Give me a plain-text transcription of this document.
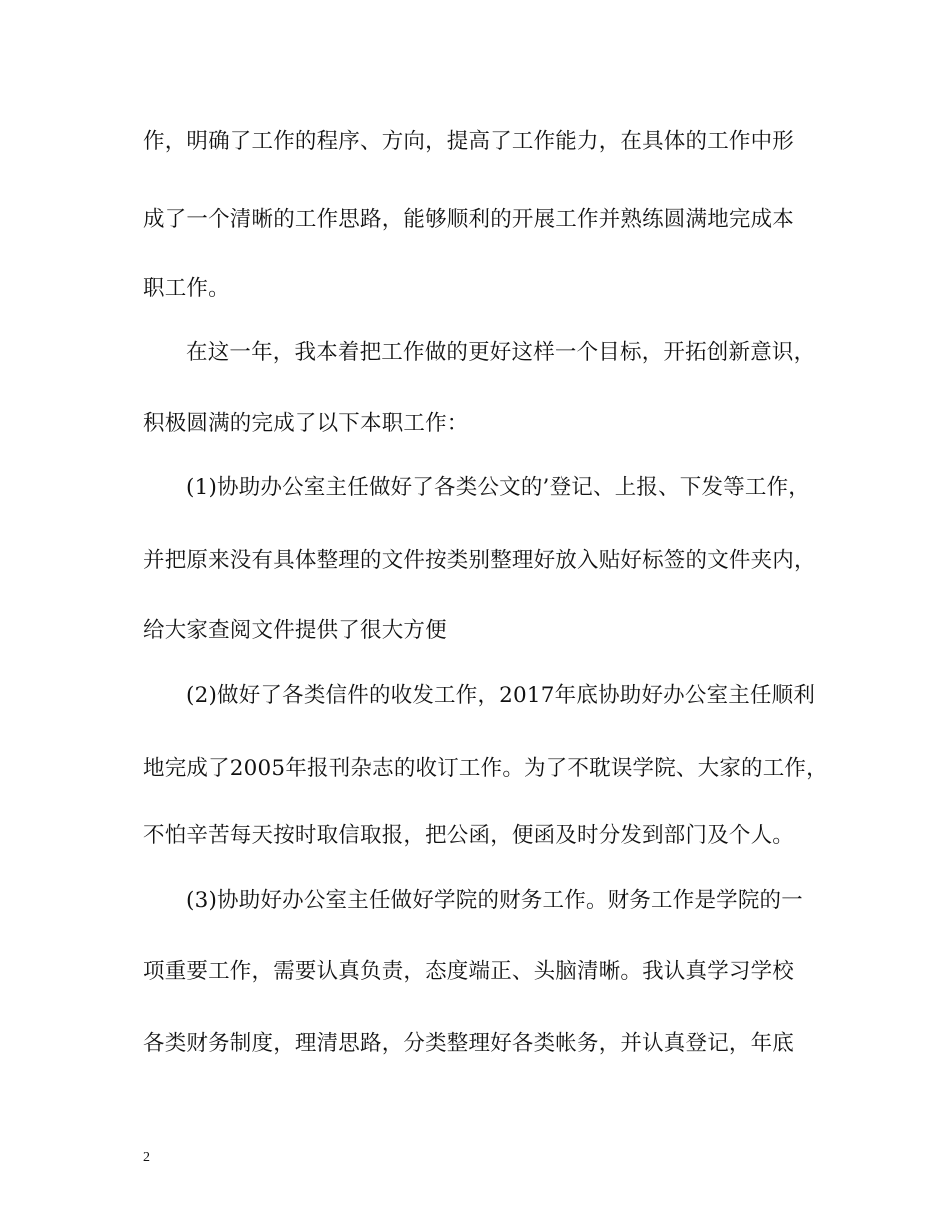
作，明确了工作的程序、方向，提高了工作能力，在具体的工作中形
成了一个清晰的工作思路，能够顺利的开展工作并熟练圆满地完成本
职工作。
在这一年，我本着把工作做的更好这样一个目标，开拓创新意识，
积极圆满的完成了以下本职工作：
(1)协助办公室主任做好了各类公文的’登记、上报、下发等工作，
并把原来没有具体整理的文件按类别整理好放入贴好标签的文件夹内，
给大家查阅文件提供了很大方便
(2)做好了各类信件的收发工作，2017年底协助好办公室主任顺利
地完成了2005年报刊杂志的收订工作。为了不耽误学院、大家的工作，
不怕辛苦每天按时取信取报，把公函，便函及时分发到部门及个人。
(3)协助好办公室主任做好学院的财务工作。财务工作是学院的一
项重要工作，需要认真负责，态度端正、头脑清晰。我认真学习学校
各类财务制度，理清思路，分类整理好各类帐务，并认真登记，年底
2
